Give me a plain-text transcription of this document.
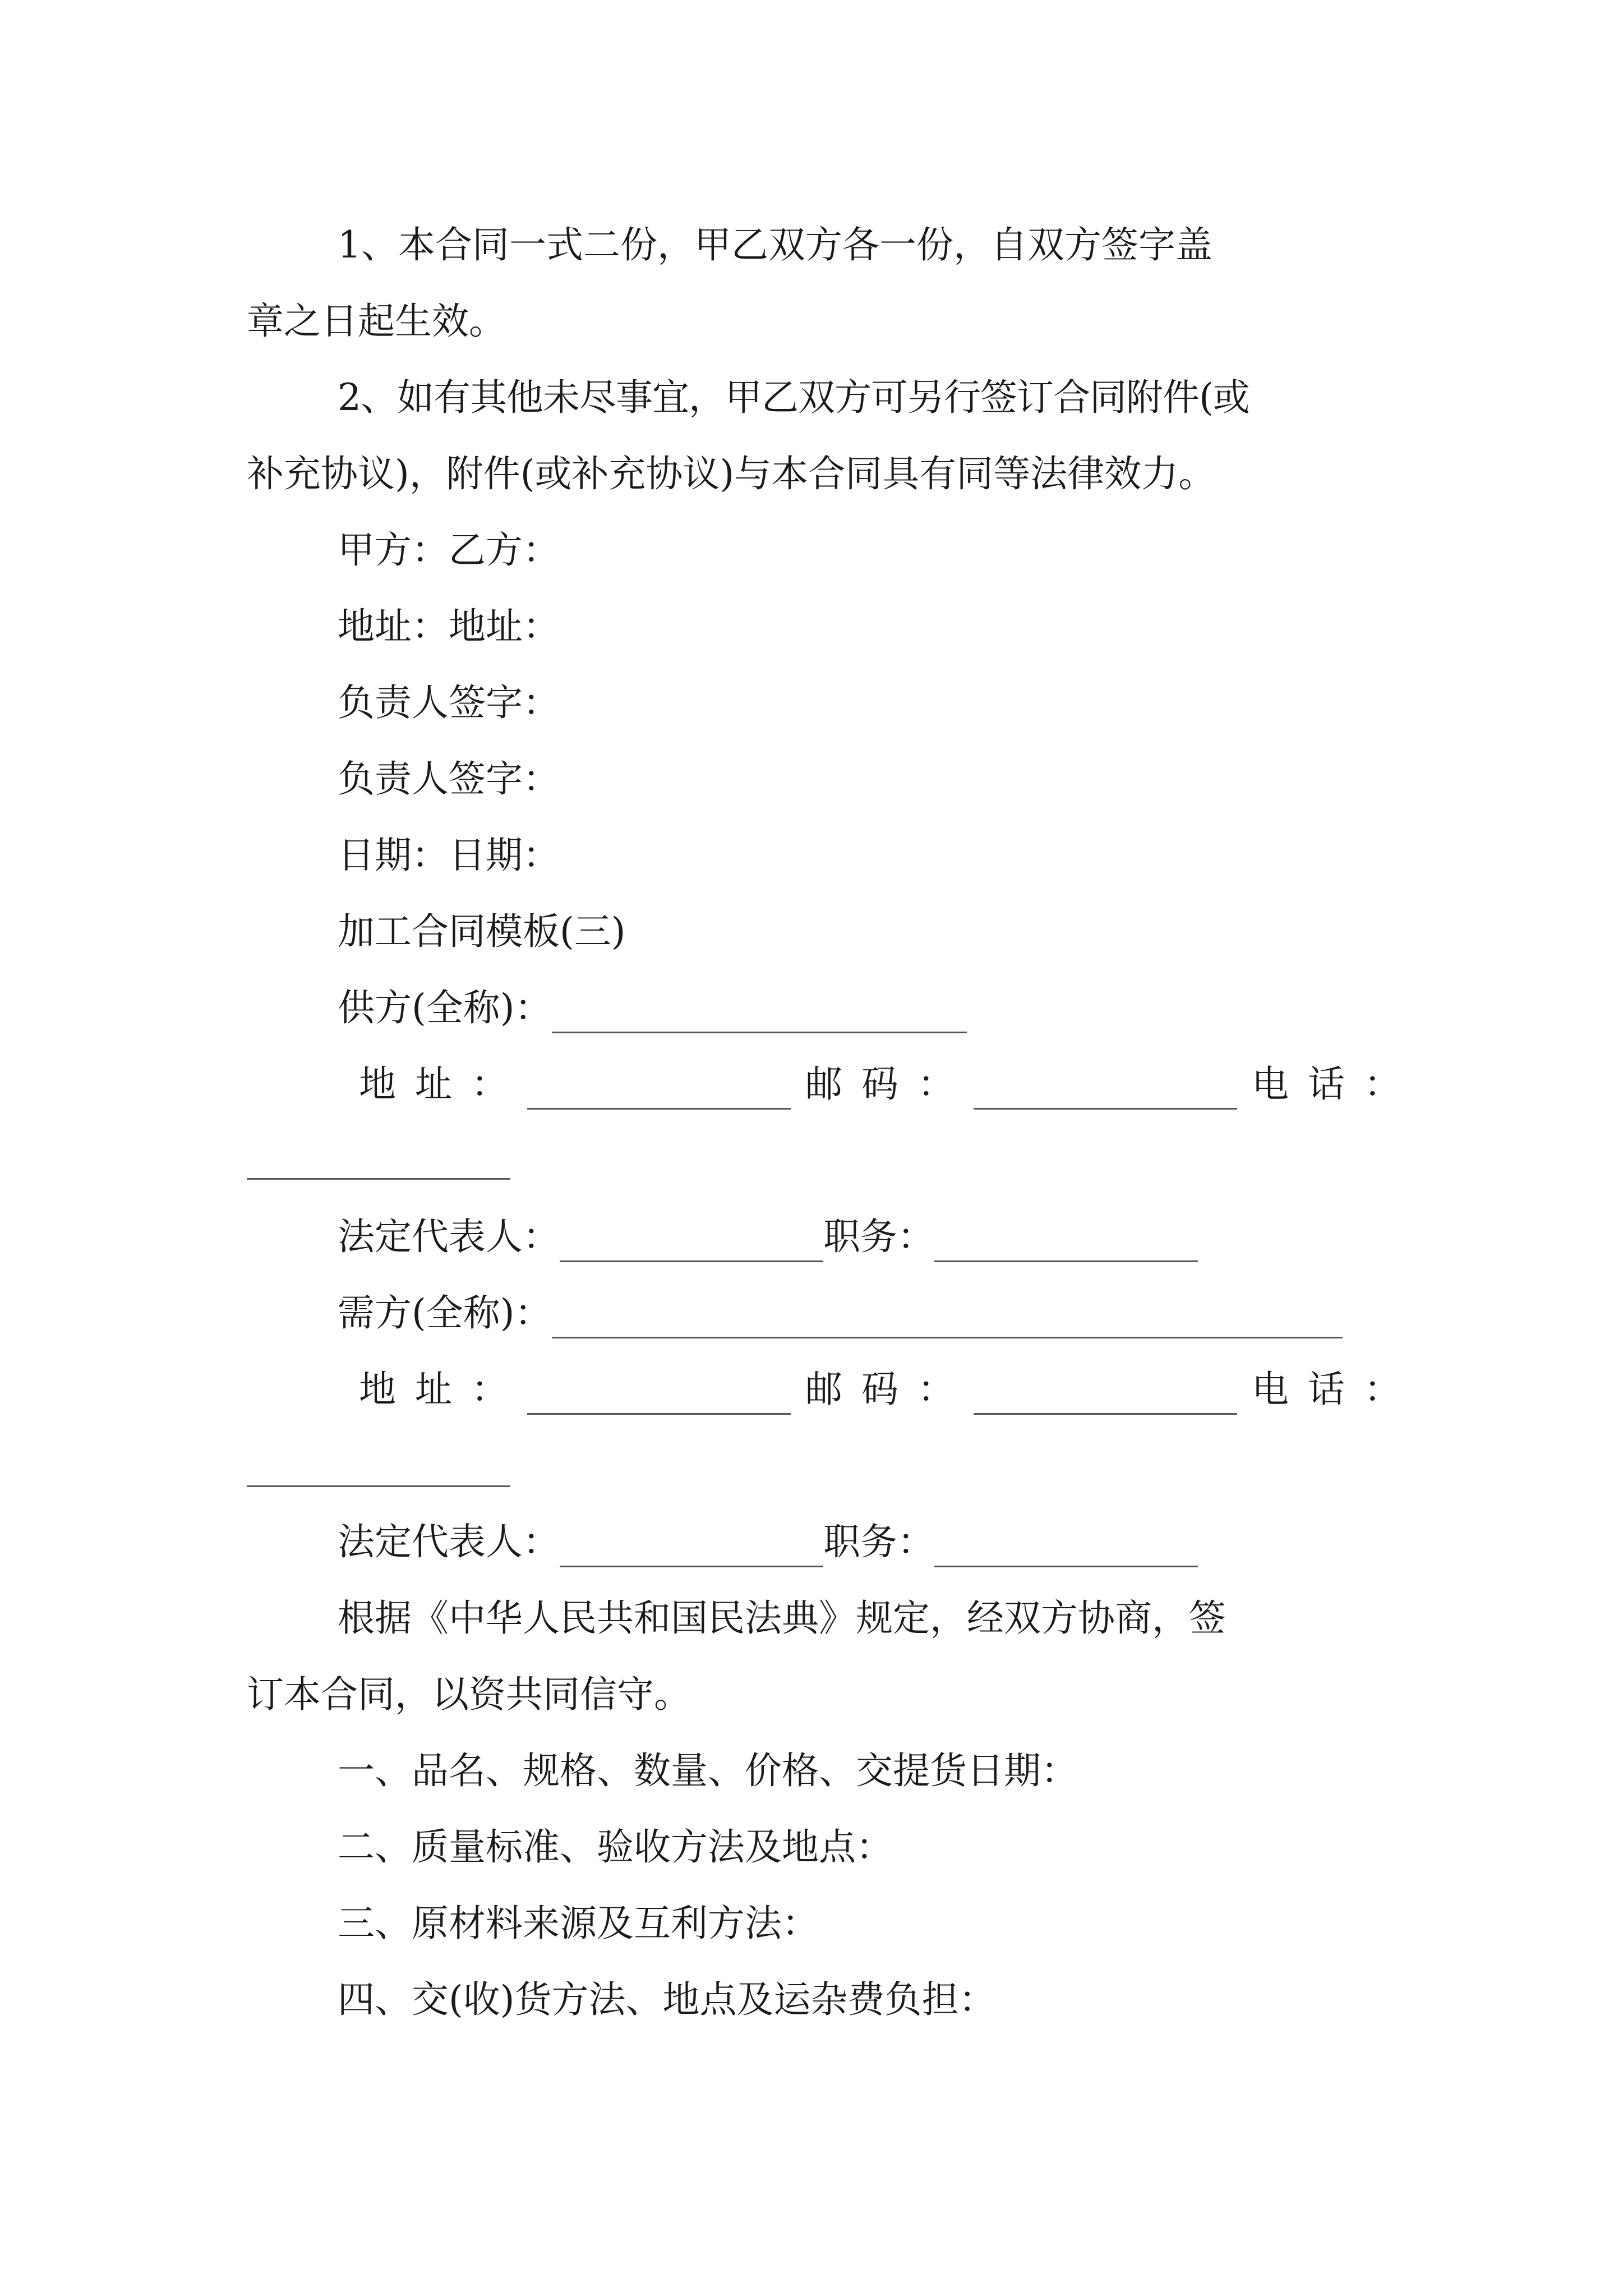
1、本合同一式二份，甲乙双方各一份，自双方签字盖
章之日起生效。
2、如有其他未尽事宜，甲乙双方可另行签订合同附件(或
补充协议)，附件(或补充协议)与本合同具有同等法律效力。
甲方：乙方：
地址：地址：
负责人签字：
负责人签字：
日期：日期：
加工合同模板(三)
供方(全称)：
地址：	邮码：	电话：
法定代表人：	职务：
需方(全称)：
地址：	邮码：	电话：
法定代表人：	职务：
根据《中华人民共和国民法典》规定，经双方协商，签
订本合同，以资共同信守。
一、品名、规格、数量、价格、交提货日期：
二、质量标准、验收方法及地点：
三、原材料来源及互利方法：
四、交(收)货方法、地点及运杂费负担：
